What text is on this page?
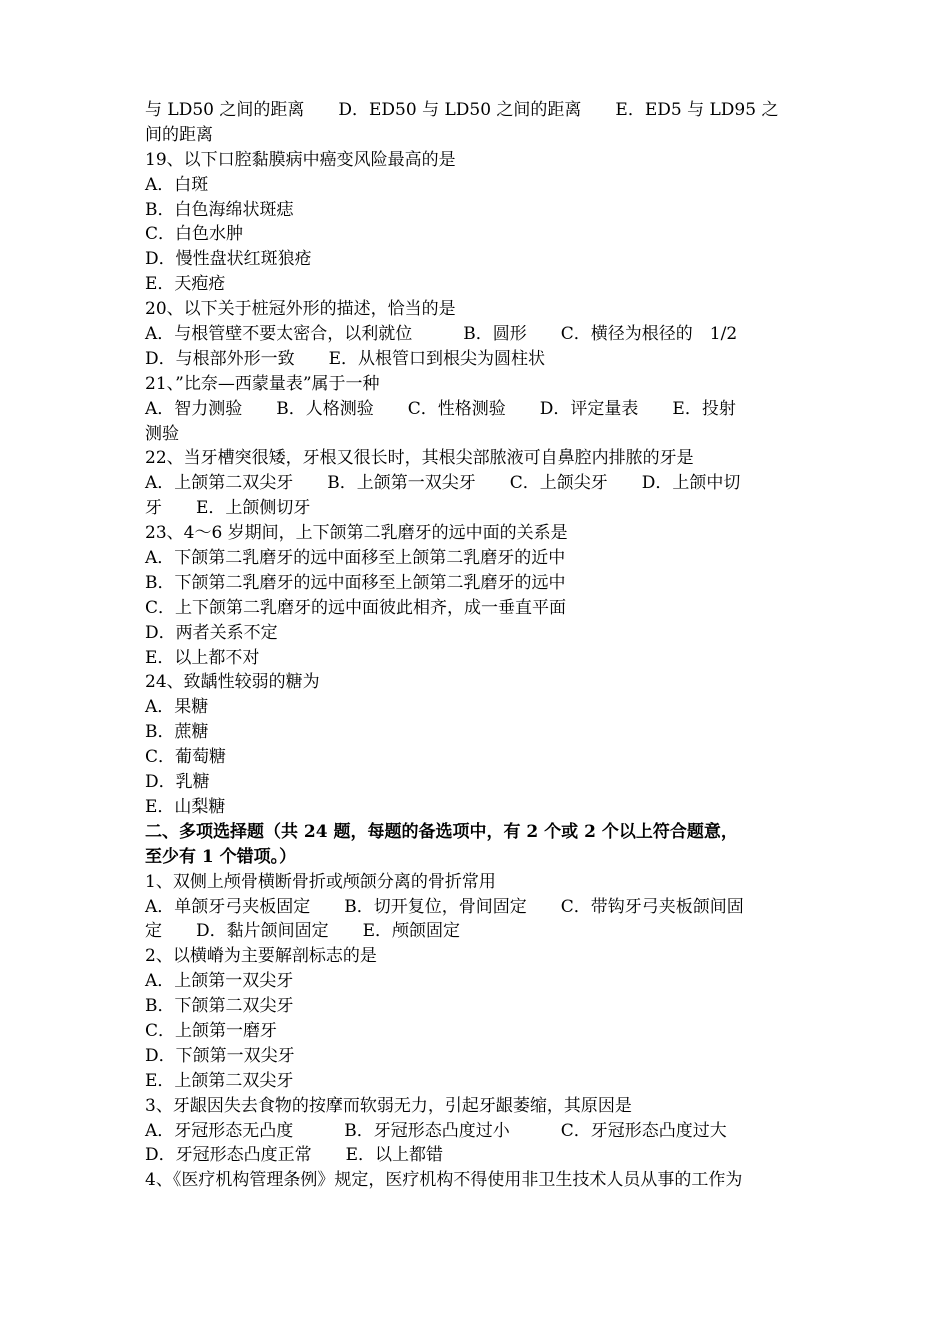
与 LD50 之间的距离　　D．ED50 与 LD50 之间的距离　　E．ED5 与 LD95 之
间的距离
19、以下口腔黏膜病中癌变风险最高的是
A．白斑
B．白色海绵状斑痣
C．白色水肿
D．慢性盘状红斑狼疮
E．天疱疮
20、以下关于桩冠外形的描述，恰当的是
A．与根管壁不要太密合，以利就位　　　B．圆形　　C．横径为根径的　1/2
D．与根部外形一致　　E．从根管口到根尖为圆柱状
21、”比奈—西蒙量表”属于一种
A．智力测验　　B．人格测验　　C．性格测验　　D．评定量表　　E．投射
测验
22、当牙槽突很矮，牙根又很长时，其根尖部脓液可自鼻腔内排脓的牙是
A．上颌第二双尖牙　　B．上颌第一双尖牙　　C．上颌尖牙　　D．上颌中切
牙　　E．上颌侧切牙
23、4～6 岁期间，上下颌第二乳磨牙的远中面的关系是
A．下颌第二乳磨牙的远中面移至上颌第二乳磨牙的近中
B．下颌第二乳磨牙的远中面移至上颌第二乳磨牙的远中
C．上下颌第二乳磨牙的远中面彼此相齐，成一垂直平面
D．两者关系不定
E．以上都不对
24、致龋性较弱的糖为
A．果糖
B．蔗糖
C．葡萄糖
D．乳糖
E．山梨糖
二、多项选择题（共 24 题，每题的备选项中，有 2 个或 2 个以上符合题意，
至少有 1 个错项。）
1、双侧上颅骨横断骨折或颅颌分离的骨折常用
A．单颌牙弓夹板固定　　B．切开复位，骨间固定　　C．带钩牙弓夹板颌间固
定　　D．黏片颌间固定　　E．颅颌固定
2、以横嵴为主要解剖标志的是
A．上颌第一双尖牙
B．下颌第二双尖牙
C．上颌第一磨牙
D．下颌第一双尖牙
E．上颌第二双尖牙
3、牙龈因失去食物的按摩而软弱无力，引起牙龈萎缩，其原因是
A．牙冠形态无凸度　　　B．牙冠形态凸度过小　　　C．牙冠形态凸度过大
D．牙冠形态凸度正常　　E．以上都错
4、《医疗机构管理条例》规定，医疗机构不得使用非卫生技术人员从事的工作为
